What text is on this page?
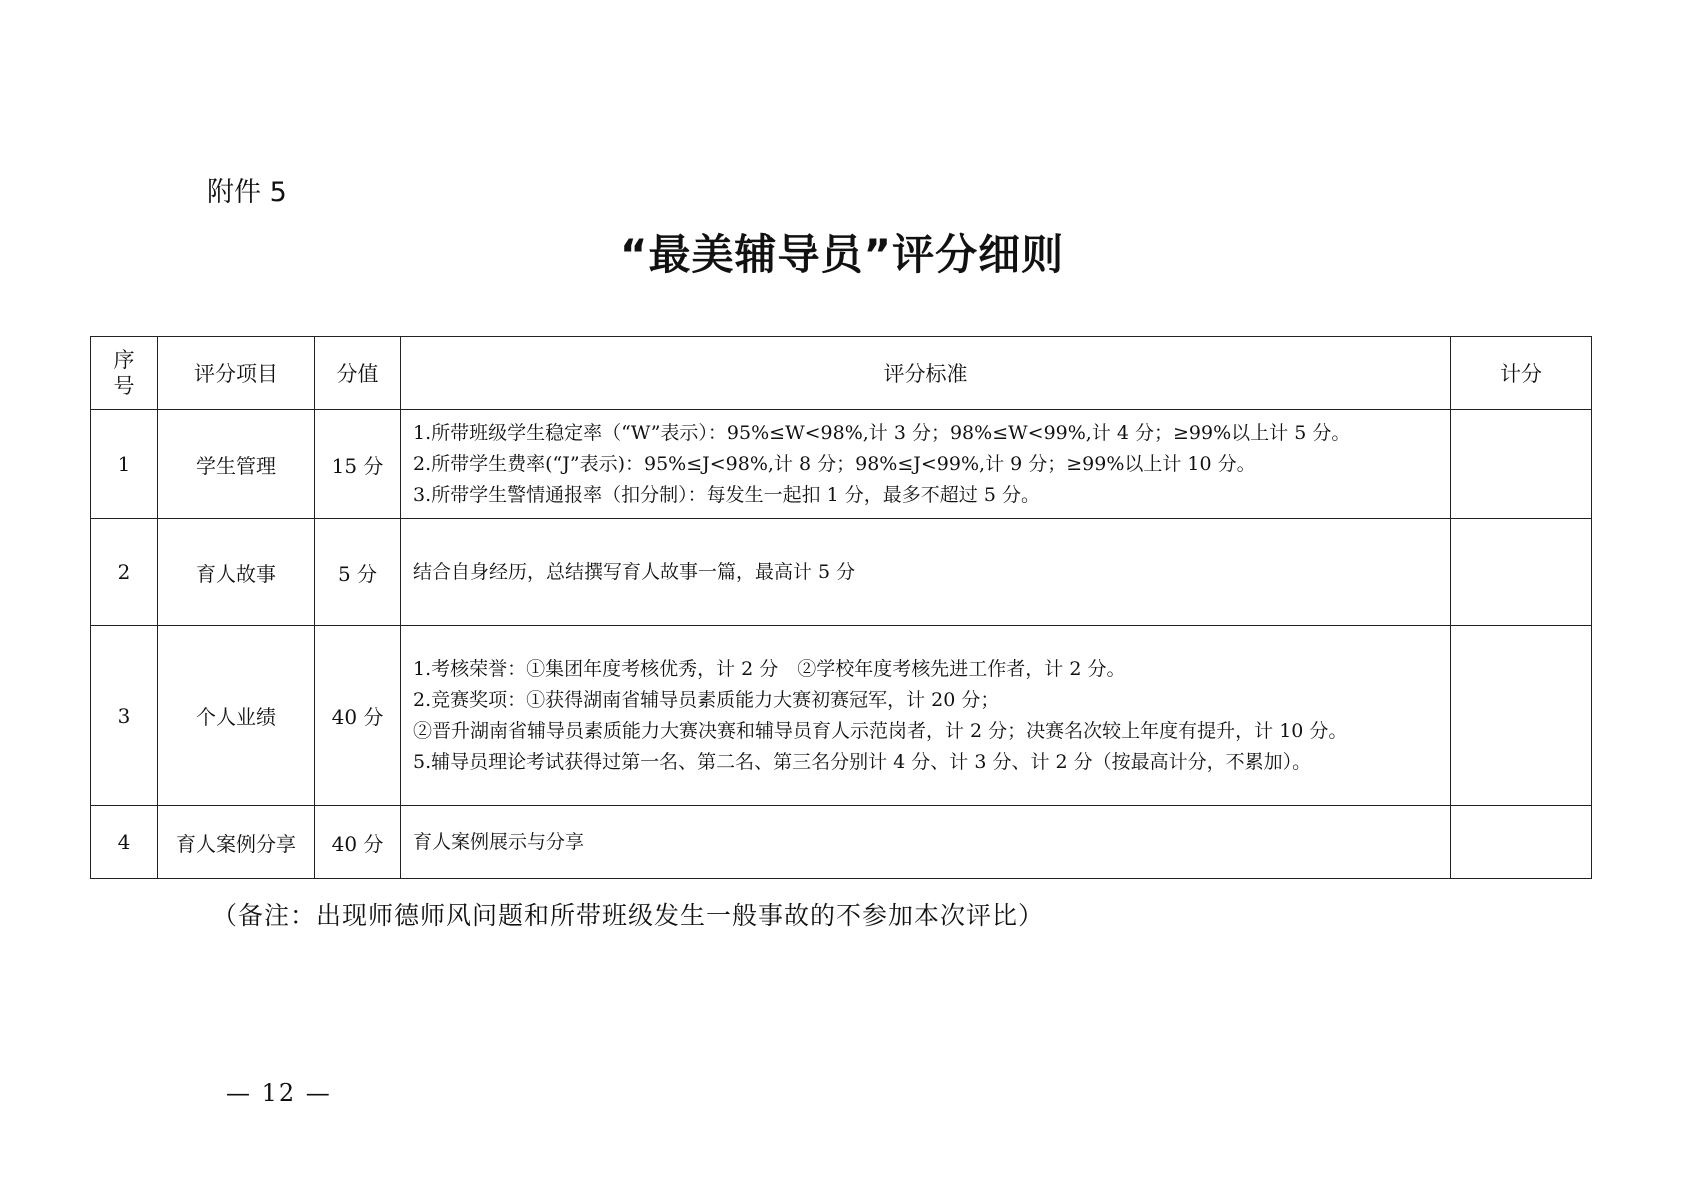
附件 5
“最美辅导员”评分细则
序
号	评分项目	分值	评分标准	计分
1	学生管理	15 分	1.所带班级学生稳定率（“W”表示）：95%≤W<98%,计 3 分；98%≤W<99%,计 4 分；≥99%以上计 5 分。
2.所带学生费率(“J”表示)：95%≤J<98%,计 8 分；98%≤J<99%,计 9 分；≥99%以上计 10 分。
3.所带学生警情通报率（扣分制）：每发生一起扣 1 分，最多不超过 5 分。	

2	育人故事	5 分	结合自身经历，总结撰写育人故事一篇，最高计 5 分	

3	个人业绩	40 分	1.考核荣誉：①集团年度考核优秀，计 2 分　②学校年度考核先进工作者，计 2 分。
2.竞赛奖项：①获得湖南省辅导员素质能力大赛初赛冠军，计 20 分；
②晋升湖南省辅导员素质能力大赛决赛和辅导员育人示范岗者，计 2 分；决赛名次较上年度有提升，计 10 分。
5.辅导员理论考试获得过第一名、第二名、第三名分别计 4 分、计 3 分、计 2 分（按最高计分，不累加）。	

4	育人案例分享	40 分	育人案例展示与分享	

（备注：出现师德师风问题和所带班级发生一般事故的不参加本次评比）
— 12 —
